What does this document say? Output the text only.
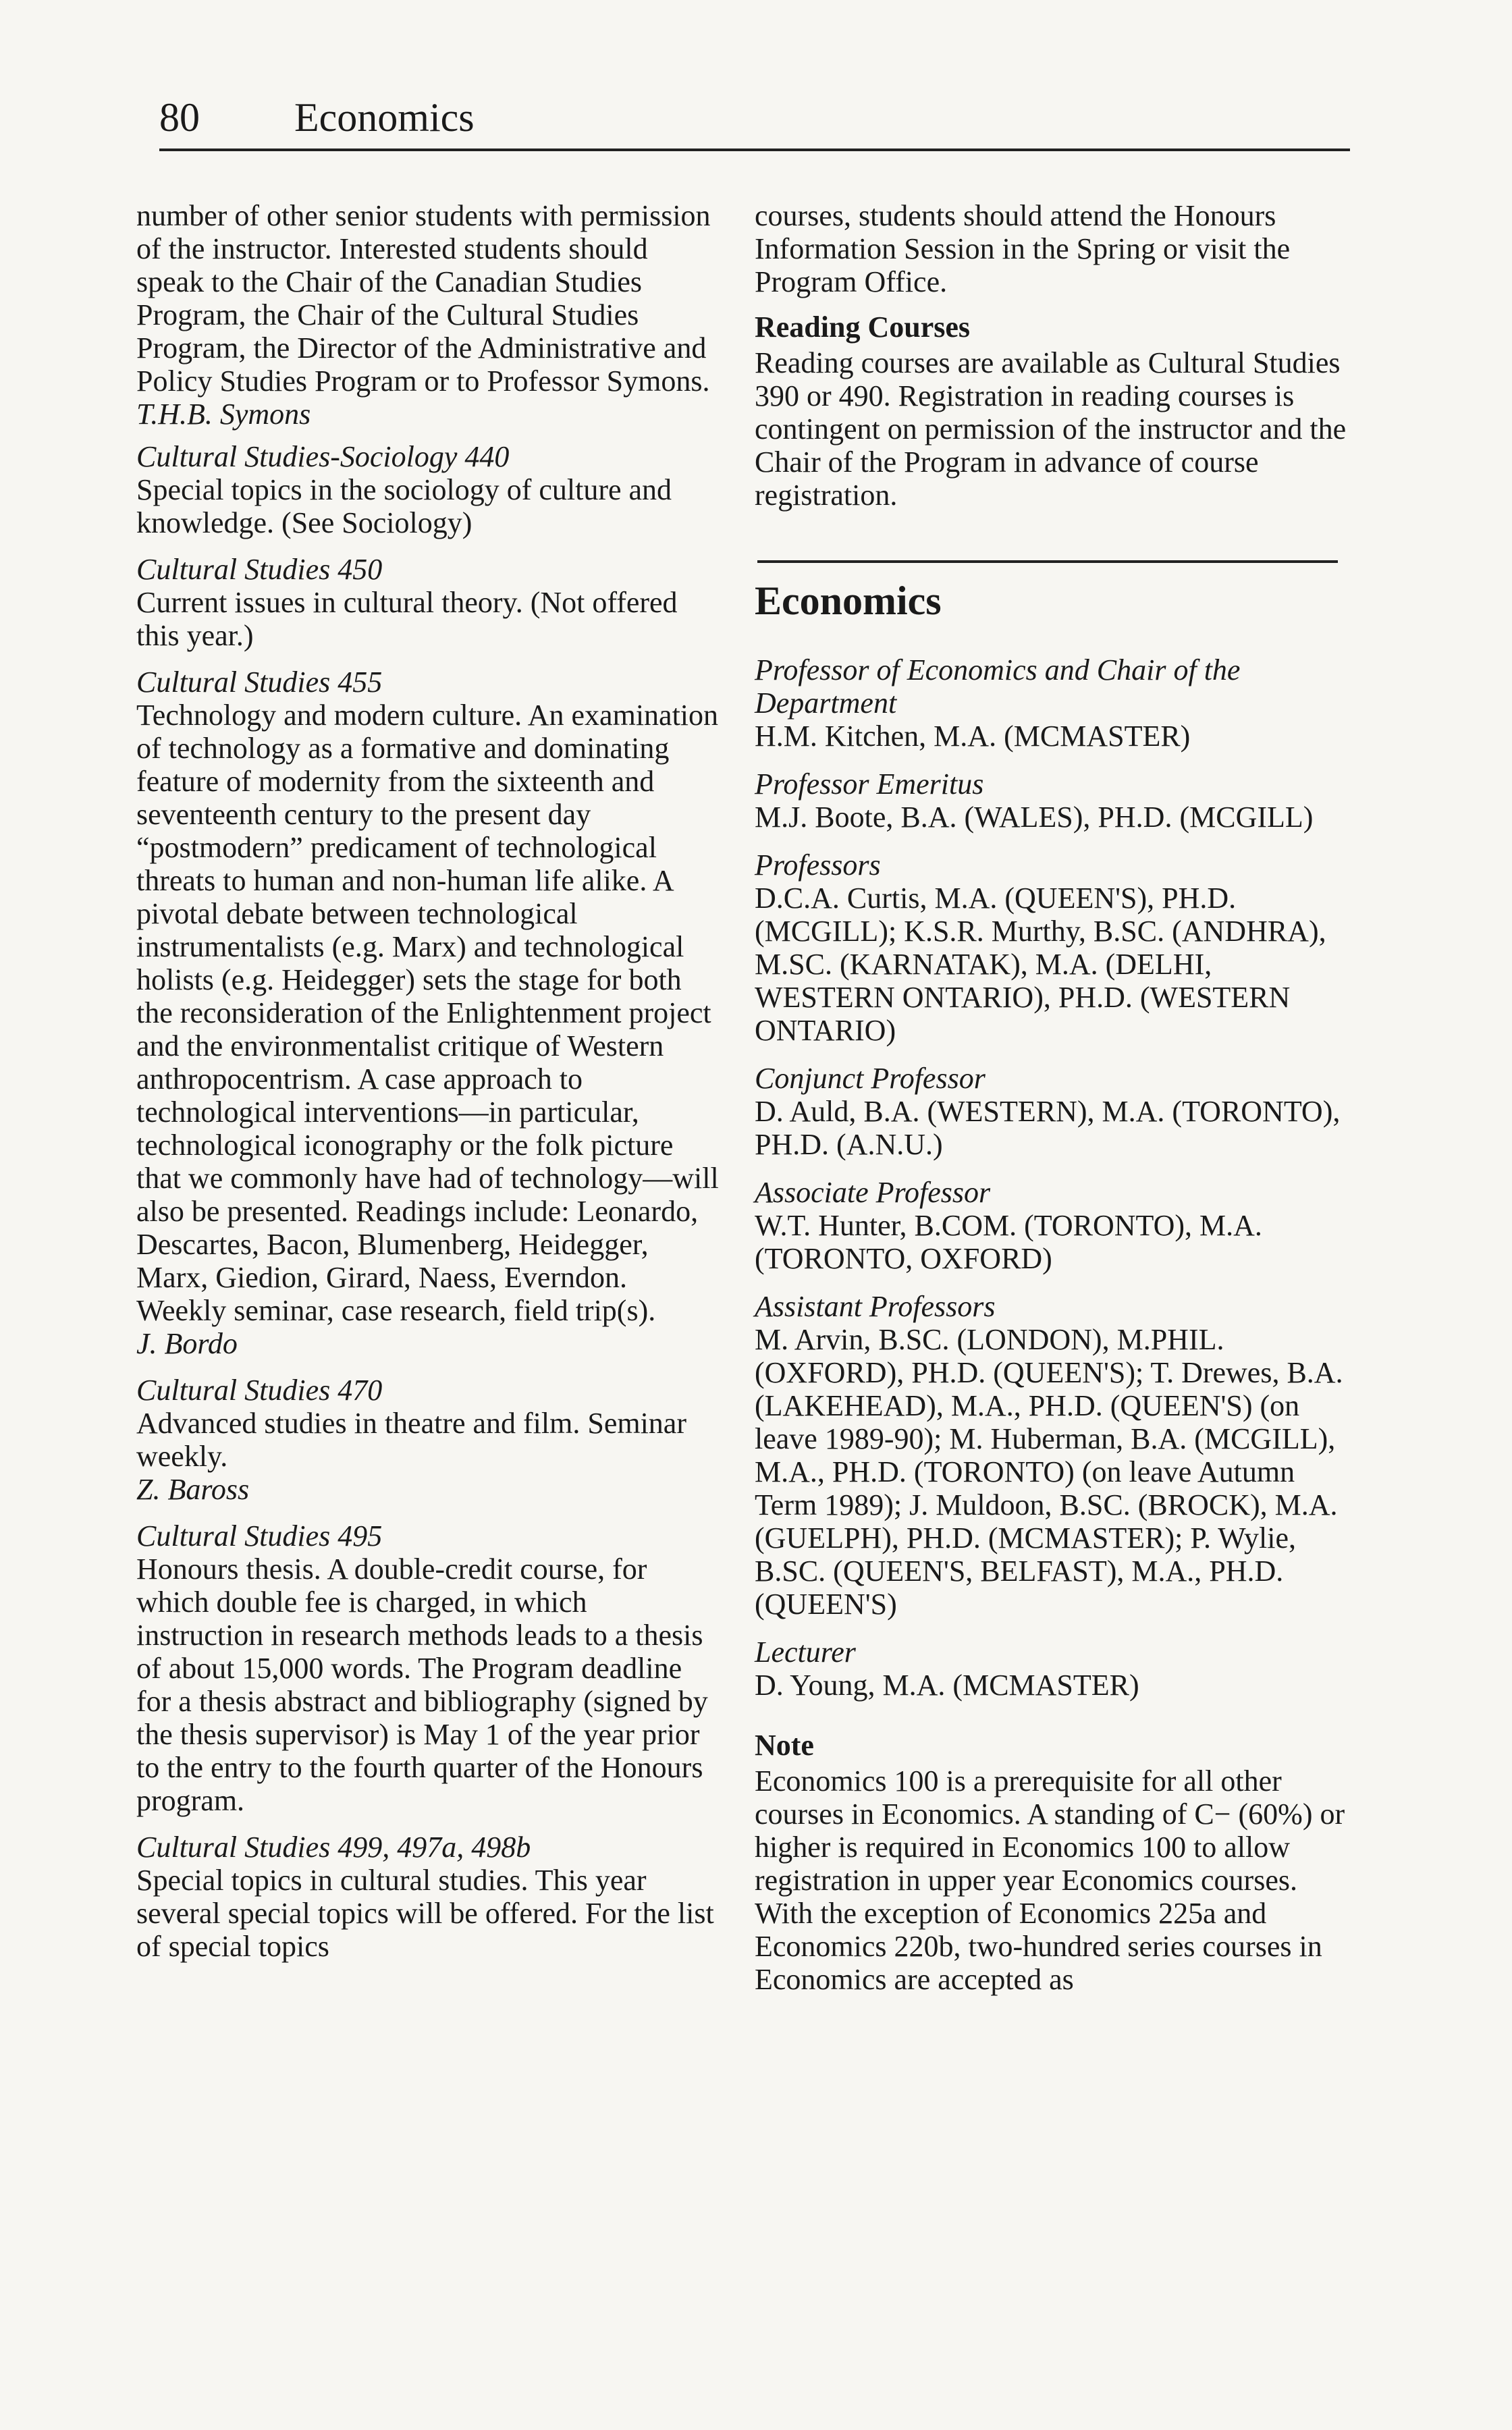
80 Economics
number of other senior students with permission of the instructor. Interested students should speak to the Chair of the Canadian Studies Program, the Chair of the Cultural Studies Program, the Director of the Administrative and Policy Studies Program or to Professor Symons.
T.H.B. Symons
Cultural Studies-Sociology 440
Special topics in the sociology of culture and knowledge. (See Sociology)
Cultural Studies 450
Current issues in cultural theory. (Not offered this year.)
Cultural Studies 455
Technology and modern culture. An examination of technology as a formative and dominating feature of modernity from the sixteenth and seventeenth century to the present day “postmodern” predicament of technological threats to human and non-human life alike. A pivotal debate between technological instrumentalists (e.g. Marx) and technological holists (e.g. Heidegger) sets the stage for both the reconsideration of the Enlightenment project and the environmentalist critique of Western anthropocentrism. A case approach to technological interventions—in particular, technological iconography or the folk picture that we commonly have had of technology—will also be presented. Readings include: Leonardo, Descartes, Bacon, Blumenberg, Heidegger, Marx, Giedion, Girard, Naess, Everndon. Weekly seminar, case research, field trip(s).
J. Bordo
Cultural Studies 470
Advanced studies in theatre and film. Seminar weekly.
Z. Baross
Cultural Studies 495
Honours thesis. A double-credit course, for which double fee is charged, in which instruction in research methods leads to a thesis of about 15,000 words. The Program deadline for a thesis abstract and bibliography (signed by the thesis supervisor) is May 1 of the year prior to the entry to the fourth quarter of the Honours program.
Cultural Studies 499, 497a, 498b
Special topics in cultural studies. This year several special topics will be offered. For the list of special topics
courses, students should attend the Honours Information Session in the Spring or visit the Program Office.
Reading Courses
Reading courses are available as Cultural Studies 390 or 490. Registration in reading courses is contingent on permission of the instructor and the Chair of the Program in advance of course registration.
Economics
Professor of Economics and Chair of the Department
H.M. Kitchen, M.A. (MCMASTER)
Professor Emeritus
M.J. Boote, B.A. (WALES), PH.D. (MCGILL)
Professors
D.C.A. Curtis, M.A. (QUEEN'S), PH.D. (MCGILL); K.S.R. Murthy, B.SC. (ANDHRA), M.SC. (KARNATAK), M.A. (DELHI, WESTERN ONTARIO), PH.D. (WESTERN ONTARIO)
Conjunct Professor
D. Auld, B.A. (WESTERN), M.A. (TORONTO), PH.D. (A.N.U.)
Associate Professor
W.T. Hunter, B.COM. (TORONTO), M.A. (TORONTO, OXFORD)
Assistant Professors
M. Arvin, B.SC. (LONDON), M.PHIL. (OXFORD), PH.D. (QUEEN'S); T. Drewes, B.A. (LAKEHEAD), M.A., PH.D. (QUEEN'S) (on leave 1989-90); M. Huberman, B.A. (MCGILL), M.A., PH.D. (TORONTO) (on leave Autumn Term 1989); J. Muldoon, B.SC. (BROCK), M.A. (GUELPH), PH.D. (MCMASTER); P. Wylie, B.SC. (QUEEN'S, BELFAST), M.A., PH.D. (QUEEN'S)
Lecturer
D. Young, M.A. (MCMASTER)
Note
Economics 100 is a prerequisite for all other courses in Economics. A standing of C− (60%) or higher is required in Economics 100 to allow registration in upper year Economics courses. With the exception of Economics 225a and Economics 220b, two-hundred series courses in Economics are accepted as
